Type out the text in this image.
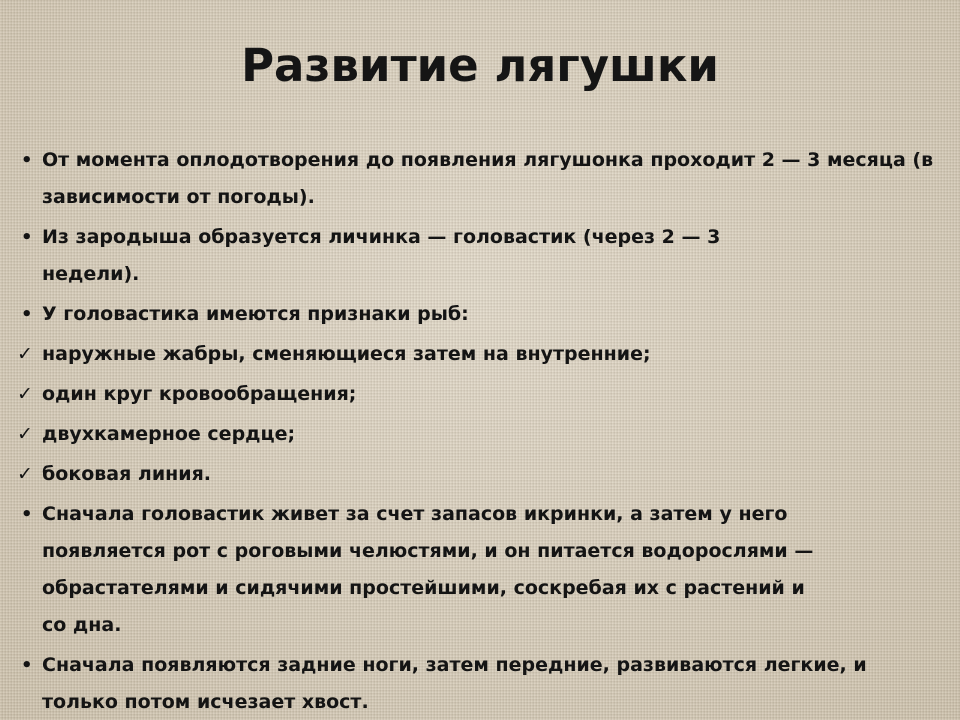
Развитие лягушки
• От момента оплодотворения до появления лягушонка проходит 2 — 3 месяца (в зависимости от погоды).
• Из зародыша образуется личинка — головастик (через 2 — 3 недели).
• У головастика имеются признаки рыб:
✓ наружные жабры, сменяющиеся затем на внутренние;
✓ один круг кровообращения;
✓ двухкамерное сердце;
✓ боковая линия.
• Сначала головастик живет за счет запасов икринки, а затем у него появляется рот с роговыми челюстями, и он питается водорослями — обрастателями и сидячими простейшими, соскребая их с растений и со дна.
• Сначала появляются задние ноги, затем передние, развиваются легкие, и только потом исчезает хвост.
